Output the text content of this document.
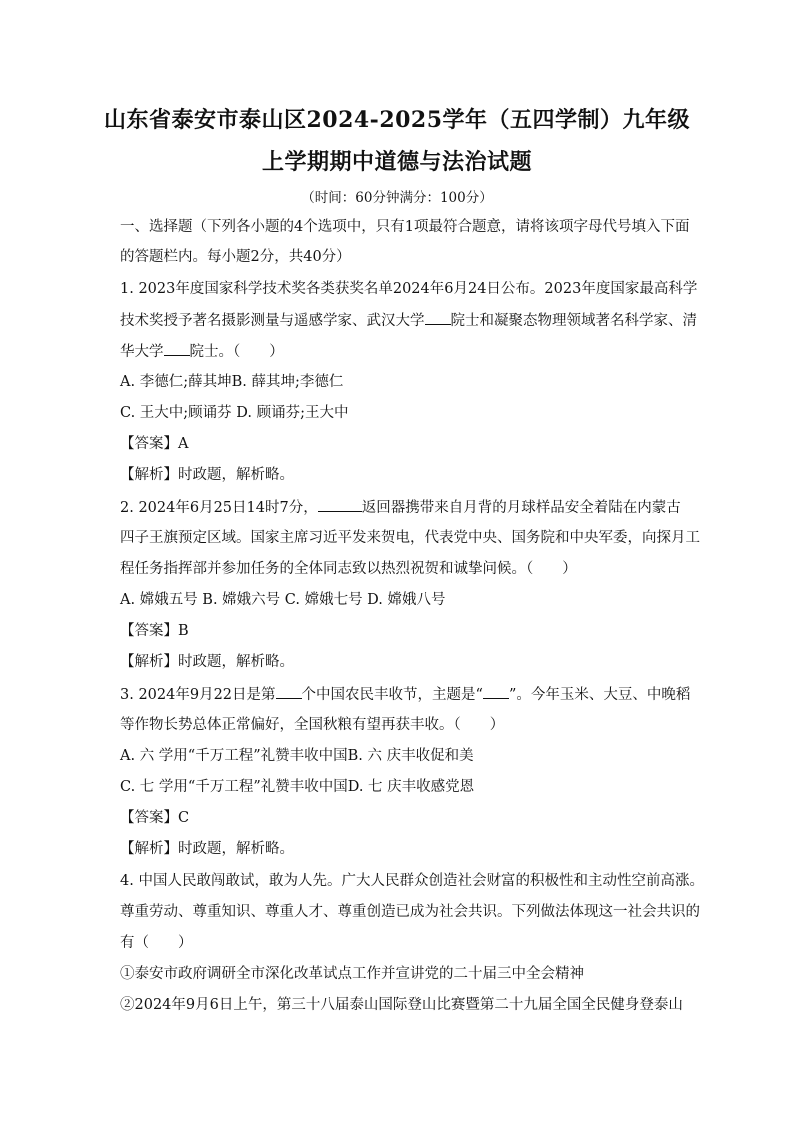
山东省泰安市泰山区2024-2025学年（五四学制）九年级
上学期期中道德与法治试题
（时间：60分钟满分：100分）
一、选择题（下列各小题的4个选项中，只有1项最符合题意，请将该项字母代号填入下面
的答题栏内。每小题2分，共40分）
1. 2023年度国家科学技术奖各类获奖名单2024年6月24日公布。2023年度国家最高科学
技术奖授予著名摄影测量与遥感学家、武汉大学 院士和凝聚态物理领域著名科学家、清
华大学 院士。（　　）
A. 李德仁;薛其坤B. 薛其坤;李德仁
C. 王大中;顾诵芬 D. 顾诵芬;王大中
【答案】A
【解析】时政题，解析略。
2. 2024年6月25日14时7分，	返回器携带来自月背的月球样品安全着陆在内蒙古
四子王旗预定区域。国家主席习近平发来贺电，代表党中央、国务院和中央军委，向探月工
程任务指挥部并参加任务的全体同志致以热烈祝贺和诚挚问候。（　　）
A. 嫦娥五号 B. 嫦娥六号 C. 嫦娥七号 D. 嫦娥八号
【答案】B
【解析】时政题，解析略。
3. 2024年9月22日是第 个中国农民丰收节，主题是“ ”。今年玉米、大豆、中晚稻
等作物长势总体正常偏好，全国秋粮有望再获丰收。（　　）
A. 六 学用“千万工程”礼赞丰收中国B. 六 庆丰收促和美
C. 七 学用“千万工程”礼赞丰收中国D. 七 庆丰收感党恩
【答案】C
【解析】时政题，解析略。
4. 中国人民敢闯敢试，敢为人先。广大人民群众创造社会财富的积极性和主动性空前高涨。
尊重劳动、尊重知识、尊重人才、尊重创造已成为社会共识。下列做法体现这一社会共识的
有（　　）
①泰安市政府调研全市深化改革试点工作并宣讲党的二十届三中全会精神
②2024年9月6日上午，第三十八届泰山国际登山比赛暨第二十九届全国全民健身登泰山
